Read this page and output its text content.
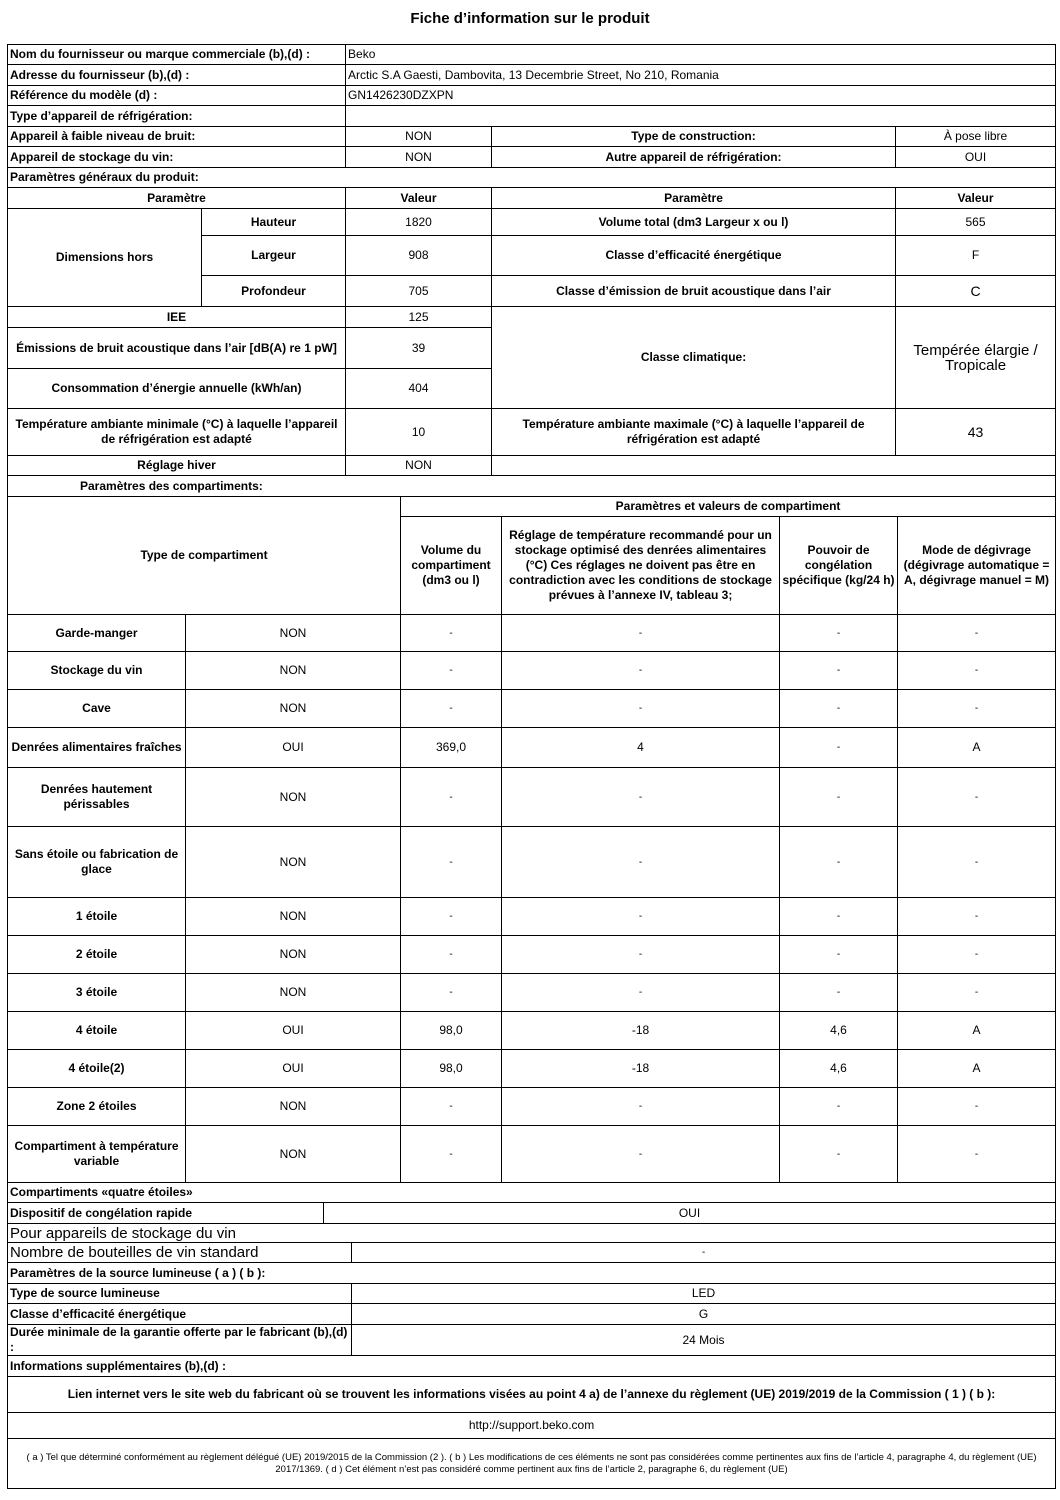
Fiche d’information sur le produit
Nom du fournisseur ou marque commerciale (b),(d) :		Beko		
Adresse du fournisseur (b),(d) :		Arctic S.A Gaesti, Dambovita, 13 Decembrie Street, No 210, Romania		
Référence du modèle (d) :		GN1426230DZXPN		
Type d’appareil de réfrigération:				
Appareil à faible niveau de bruit:		NON	Type de construction:	À pose libre
Appareil de stockage du vin:		NON	Autre appareil de réfrigération:	OUI
Paramètres généraux du produit:				
Paramètre		Valeur	Paramètre	Valeur
Dimensions hors	Hauteur	1820	Volume total (dm3 Largeur x ou l)	565
	Largeur	908	Classe d’efficacité énergétique	F
	Profondeur	705	Classe d’émission de bruit acoustique dans l’air	C
IEE		125	Classe climatique:	Tempérée élargie / Tropicale
Émissions de bruit acoustique dans l’air [dB(A) re 1 pW]		39		
Consommation d’énergie annuelle (kWh/an)		404		
Température ambiante minimale (°C) à laquelle l’appareil de réfrigération est adapté		10	Température ambiante maximale (°C) à laquelle l’appareil de réfrigération est adapté	43
Réglage hiver		NON		
Paramètres des compartiments:				
Type de compartiment		Paramètres et valeurs de compartiment			
		Volume du compartiment (dm3 ou l)	Réglage de température recommandé pour un stockage optimisé des denrées alimentaires (°C) Ces réglages ne doivent pas être en contradiction avec les conditions de stockage prévues à l’annexe IV, tableau 3;	Pouvoir de congélation spécifique (kg/24 h)	Mode de dégivrage (dégivrage automatique = A, dégivrage manuel = M)
Garde-manger	NON	-	-	-	-
Stockage du vin	NON	-	-	-	-
Cave	NON	-	-	-	-
Denrées alimentaires fraîches	OUI	369,0	4	-	A
Denrées hautement périssables	NON	-	-	-	-
Sans étoile ou fabrication de glace	NON	-	-	-	-
1 étoile	NON	-	-	-	-
2 étoile	NON	-	-	-	-
3 étoile	NON	-	-	-	-
4 étoile	OUI	98,0	-18	4,6	A
4 étoile(2)	OUI	98,0	-18	4,6	A
Zone 2 étoiles	NON	-	-	-	-
Compartiment à température variable	NON	-	-	-	-
Compartiments «quatre étoiles»		
Dispositif de congélation rapide	OUI	
Pour appareils de stockage du vin		
Nombre de bouteilles de vin standard		-
Paramètres de la source lumineuse ( a ) ( b ):		
Type de source lumineuse		LED
Classe d’efficacité énergétique		G
Durée minimale de la garantie offerte par le fabricant (b),(d) :		24 Mois
Informations supplémentaires (b),(d) :		
Lien internet vers le site web du fabricant où se trouvent les informations visées au point 4 a) de l’annexe du règlement (UE) 2019/2019 de la Commission ( 1 ) ( b ):		
http://support.beko.com		
( a ) Tel que déterminé conformément au règlement délégué (UE) 2019/2015 de la Commission (2 ). ( b ) Les modifications de ces éléments ne sont pas considérées comme pertinentes aux fins de l’article 4, paragraphe 4, du règlement (UE) 2017/1369. ( d ) Cet élément n’est pas considéré comme pertinent aux fins de l’article 2, paragraphe 6, du règlement (UE)		
